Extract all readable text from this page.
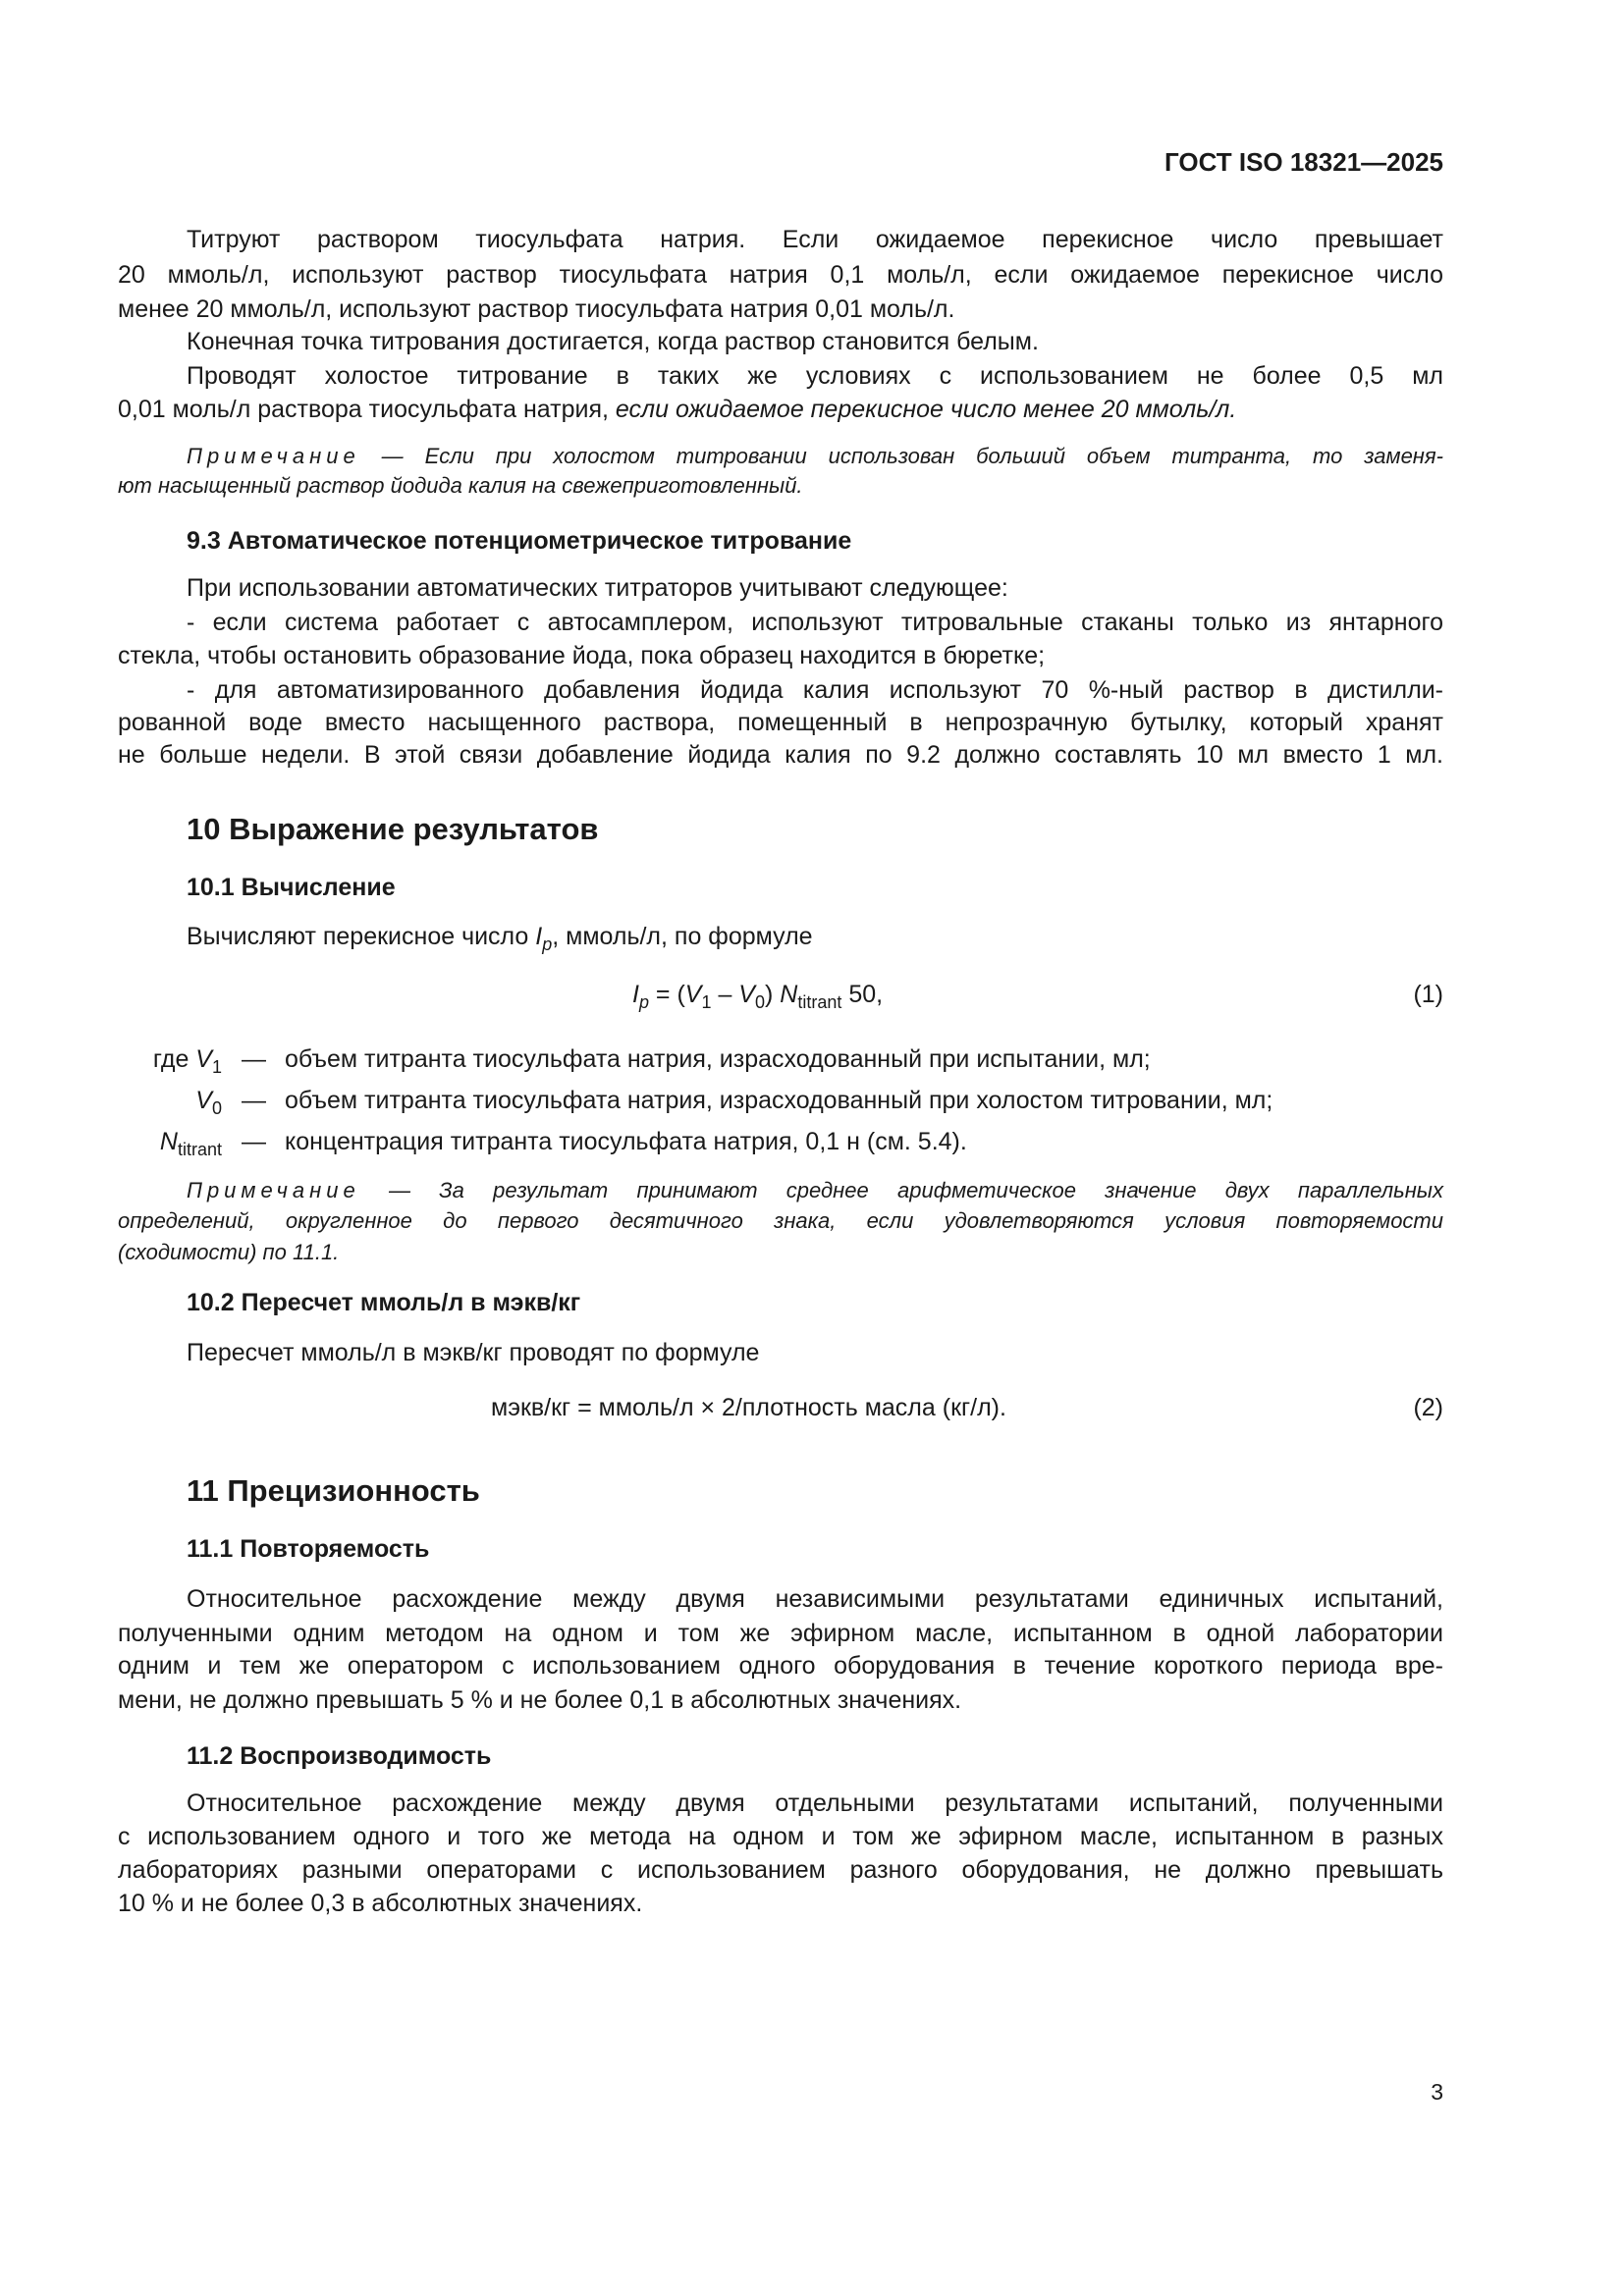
ГОСТ ISO 18321—2025
Титруют раствором тиосульфата натрия. Если ожидаемое перекисное число превышает
20 ммоль/л, используют раствор тиосульфата натрия 0,1 моль/л, если ожидаемое перекисное число
менее 20 ммоль/л, используют раствор тиосульфата натрия 0,01 моль/л.
Конечная точка титрования достигается, когда раствор становится белым.
Проводят холостое титрование в таких же условиях с использованием не более 0,5 мл
0,01 моль/л раствора тиосульфата натрия, если ожидаемое перекисное число менее 20 ммоль/л.
Примечание — Если при холостом титровании использован больший объем титранта, то заменя-
ют насыщенный раствор йодида калия на свежеприготовленный.
9.3 Автоматическое потенциометрическое титрование
При использовании автоматических титраторов учитывают следующее:
- если система работает с автосамплером, используют титровальные стаканы только из янтарного
стекла, чтобы остановить образование йода, пока образец находится в бюретке;
- для автоматизированного добавления йодида калия используют 70 %-ный раствор в дистилли-
рованной воде вместо насыщенного раствора, помещенный в непрозрачную бутылку, который хранят
не больше недели. В этой связи добавление йодида калия по 9.2 должно составлять 10 мл вместо 1 мл.
10 Выражение результатов
10.1 Вычисление
Вычисляют перекисное число $I_p$, ммоль/л, по формуле
$I_p = (V_1 - V_0)$ $N_{titrant}$ 50,	(1)
где $V_1$ — объем титранта тиосульфата натрия, израсходованный при испытании, мл;
$V_0$ — объем титранта тиосульфата натрия, израсходованный при холостом титровании, мл;
$N_{titrant}$ — концентрация титранта тиосульфата натрия, 0,1 н (см. 5.4).
Примечание — За результат принимают среднее арифметическое значение двух параллельных
определений, округленное до первого десятичного знака, если удовлетворяются условия повторяемости
(сходимости) по 11.1.
10.2 Пересчет ммоль/л в мэкв/кг
Пересчет ммоль/л в мэкв/кг проводят по формуле
мэкв/кг = ммоль/л × 2/плотность масла (кг/л).	(2)
11 Прецизионность
11.1 Повторяемость
Относительное расхождение между двумя независимыми результатами единичных испытаний,
полученными одним методом на одном и том же эфирном масле, испытанном в одной лаборатории
одним и тем же оператором с использованием одного оборудования в течение короткого периода вре-
мени, не должно превышать 5 % и не более 0,1 в абсолютных значениях.
11.2 Воспроизводимость
Относительное расхождение между двумя отдельными результатами испытаний, полученными
с использованием одного и того же метода на одном и том же эфирном масле, испытанном в разных
лабораториях разными операторами с использованием разного оборудования, не должно превышать
10 % и не более 0,3 в абсолютных значениях.
3
